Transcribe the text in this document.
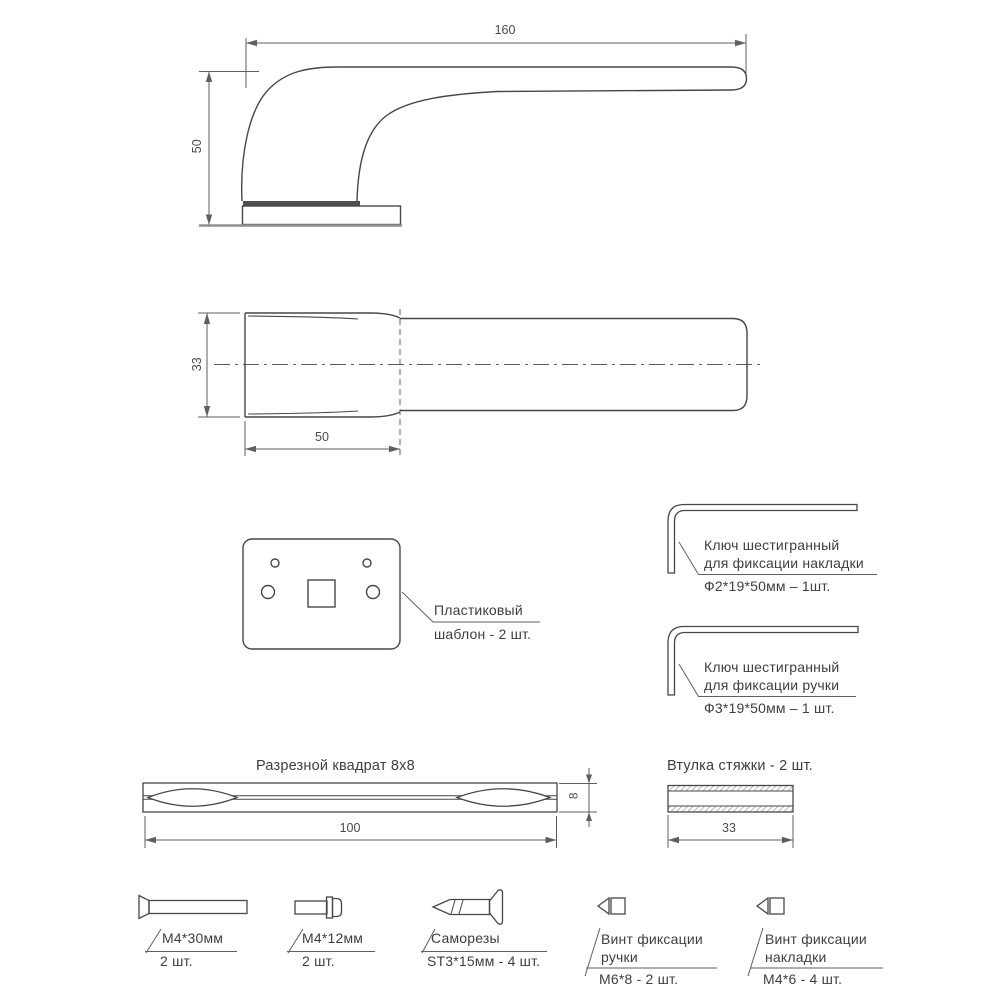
160
50
33
50
Пластиковый
шаблон - 2 шт.
Ключ шестигранный
для фиксации накладки
Ф2*19*50мм – 1шт.
Ключ шестигранный
для фиксации ручки
Ф3*19*50мм – 1 шт.
Разрезной квадрат 8х8
8
100
Втулка стяжки - 2 шт.
33
М4*30мм
2 шт.
М4*12мм
2 шт.
Саморезы
ST3*15мм - 4 шт.
Винт фиксации
ручки
М6*8 - 2 шт.
Винт фиксации
накладки
М4*6 - 4 шт.
